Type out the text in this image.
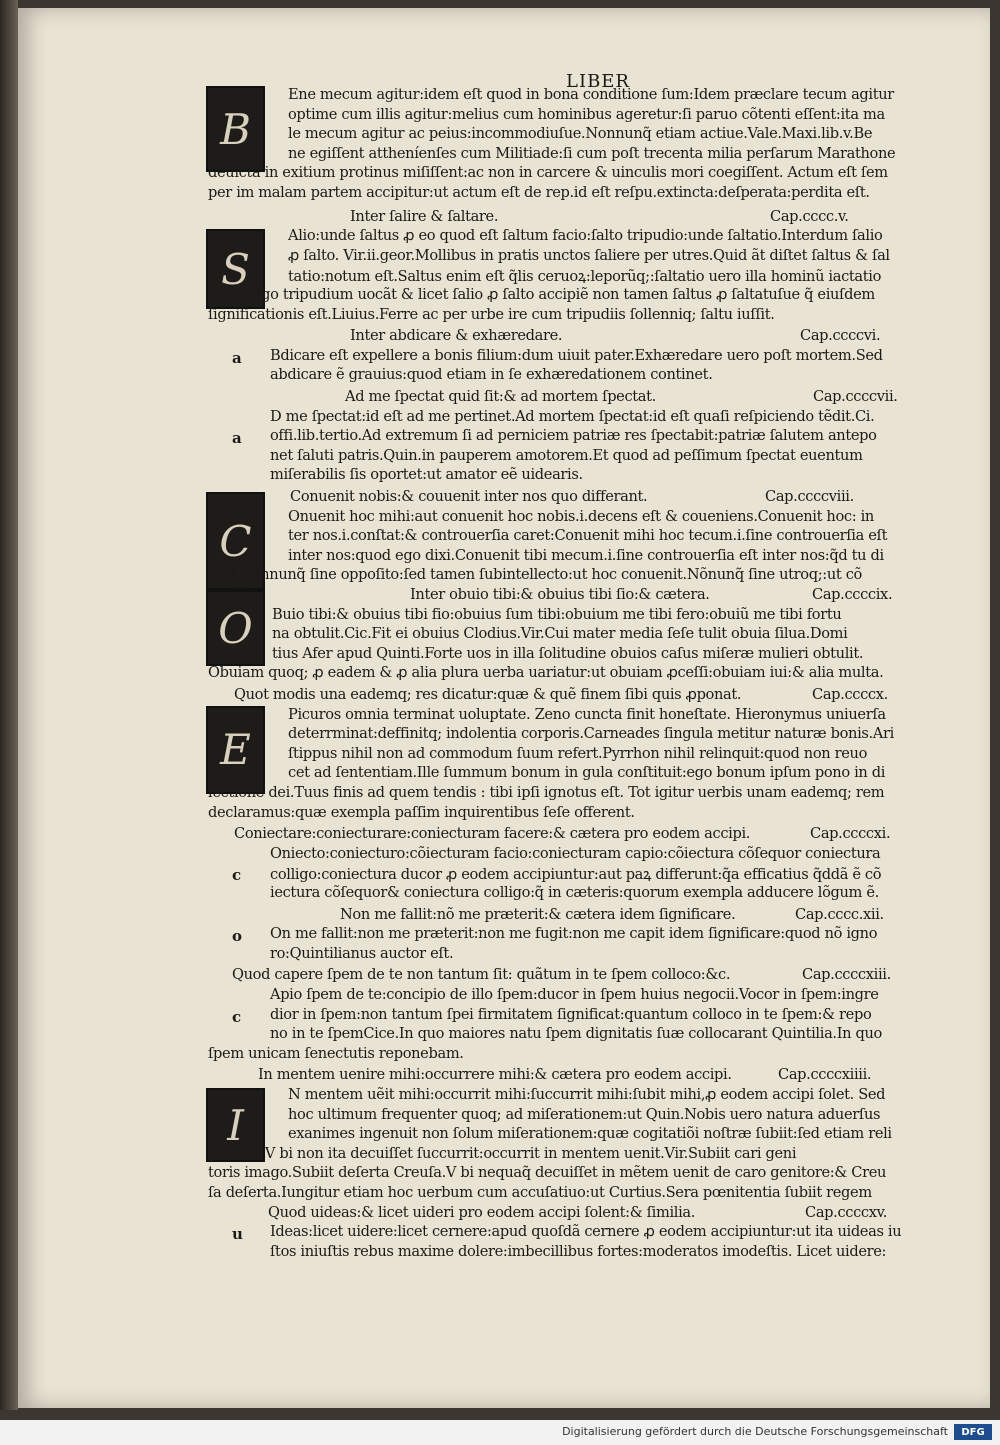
LIBER
B
Ene mecum agitur:idem eſt quod in bona conditione ſum:Idem præclare tecum agitur
optime cum illis agitur:melius cum hominibus ageretur:ſi paruo cõtenti eſſent:ita ma
le mecum agitur ac peius:incommodiuſue.Nonnunq̃ etiam actiue.Vale.Maxi.lib.v.Be
ne egiſſent attheníenſes cum Militiade:ſi cum poſt trecenta milia perſarum Marathone
deuicta in exitium protinus miſiſſent:ac non in carcere & uinculis mori coegiſſent. Actum eſt ſem
per im malam partem accipitur:ut actum eſt de rep.id eſt reſpu.extincta:deſperata:perdita eſt.
Inter ſalire & ſaltare.	Cap.cccc.v.
S
Alio:unde ſaltus ꝓ eo quod eſt ſaltum facio:ſalto tripudio:unde ſaltatio.Interdum ſalio
ꝓ ſalto. Vir.ii.geor.Mollibus in pratis unctos ſaliere per utres.Quid ãt diſtet ſaltus & ſal
tatio:notum eſt.Saltus enim eſt q̃lis ceruoꝝ:leporũq;:ſaltatio uero illa hominũ iactatio
quã uulgo tripudium uocãt & licet ſalio ꝓ ſalto accipiẽ non tamen ſaltus ꝓ ſaltatuſue q̃ eiuſdem
ſignificationis eſt.Liuius.Ferre ac per urbe ire cum tripudiis ſollenniq; ſaltu iuſſit.
Inter abdicare & exhæredare.	Cap.ccccvi.
a Bdicare eſt expellere a bonis filium:dum uiuit pater.Exhæredare uero poſt mortem.Sed
abdicare ẽ grauius:quod etiam in ſe exhæredationem continet.
Ad me ſpectat quid ſit:& ad mortem ſpectat.	Cap.ccccvii.
a
D me ſpectat:id eſt ad me pertinet.Ad mortem ſpectat:id eſt quaſi reſpiciendo tẽdit.Ci.
offi.lib.tertio.Ad extremum ſi ad perniciem patriæ res ſpectabit:patriæ ſalutem antepo
net ſaluti patris.Quin.in pauperem amotorem.Et quod ad peſſimum ſpectat euentum
miſerabilis ſis oportet:ut amator eẽ uidearis.
Conuenit nobis:& couuenit inter nos quo differant.	Cap.ccccviii.
C
Onuenit hoc mihi:aut conuenit hoc nobis.i.decens eſt & coueniens.Conuenit hoc: in
ter nos.i.conſtat:& controuerſia caret:Conuenit mihi hoc tecum.i.ſine controuerſia eſt
inter nos:quod ego dixi.Conuenit tibi mecum.i.ſine controuerſia eſt inter nos:q̃d tu di
xiſti.Nonnunq̃ ſine oppoſito:ſed tamen ſubintellecto:ut hoc conuenit.Nõnunq̃ ſine utroq;:ut cõ
Inter obuio tibi:& obuius tibi ſio:& cætera.	Cap.ccccix.
O Buio tibi:& obuius tibi fio:obuius ſum tibi:obuium me tibi fero:obuiũ me tibi fortu
na obtulit.Cic.Fit ei obuius Clodius.Vir.Cui mater media ſeſe tulit obuia ſilua.Domi
tius Afer apud Quinti.Forte uos in illa ſolitudine obuios caſus miſeræ mulieri obtulit.
Obuiam quoq; ꝓ eadem & ꝓ alia plura uerba uariatur:ut obuiam ꝓceſſi:obuiam iui:& alia multa.
Quot modis una eademq; res dicatur:quæ & quẽ finem ſibi quis ꝓponat.	Cap.ccccx.
E
Picuros omnia terminat uoluptate. Zeno cuncta finit honeſtate. Hieronymus uniuerſa
deterrminat:deffinitq; indolentia corporis.Carneades ſingula metitur naturæ bonis.Ari
ſtippus nihil non ad commodum ſuum refert.Pyrrhon nihil relinquit:quod non reuo
cet ad ſententiam.Ille ſummum bonum in gula conſtituit:ego bonum ipſum pono in di
lectione dei.Tuus finis ad quem tendis : tibi ipſi ignotus eſt. Tot igitur uerbis unam eademq; rem
declaramus:quæ exempla paſſim inquirentibus ſeſe offerent.
Coniectare:coniecturare:coniecturam facere:& cætera pro eodem accipi.	Cap.ccccxi.
c
Oniecto:coniecturo:cõiecturam facio:coniecturam capio:cõiectura cõſequor coniectura
colligo:coniectura ducor ꝓ eodem accipiuntur:aut paꝝ differunt:q̃a efficatius q̃ddã ẽ cõ
iectura cõſequor& coniectura colligo:q̃ in cæteris:quorum exempla adducere lõgum ẽ.
Non me fallit:nõ me præterit:& cætera idem ſignificare.	Cap.cccc.xii.
o On me fallit:non me præterit:non me fugit:non me capit idem ſignificare:quod nõ igno
ro:Quintilianus auctor eſt.
Quod capere ſpem de te non tantum ſit: quãtum in te ſpem colloco:&c.	Cap.ccccxiii.
c
Apio ſpem de te:concipio de illo ſpem:ducor in ſpem huius negocii.Vocor in ſpem:ingre
dior in ſpem:non tantum ſpei firmitatem ſignificat:quantum colloco in te ſpem:& repo
no in te ſpemCice.In quo maiores natu ſpem dignitatis ſuæ collocarant Quintilia.In quo
ſpem unicam ſenectutis reponebam.
In mentem uenire mihi:occurrere mihi:& cætera pro eodem accipi.	Cap.ccccxiiii.
I
N mentem uẽit mihi:occurrit mihi:ſuccurrit mihi:ſubit mihi,ꝓ eodem accipi ſolet. Sed
hoc ultimum frequenter quoq; ad miſerationem:ut Quin.Nobis uero natura aduerſus
exanimes ingenuit non ſolum miſerationem:quæ cogitatiõi noſtræ ſubiit:ſed etiam reli
gionem.V bi non ita decuiſſet ſuccurrit:occurrit in mentem uenit.Vir.Subiit cari geni
toris imago.Subiit deſerta Creuſa.V bi nequaq̃ decuiſſet in mẽtem uenit de caro genitore:& Creu
ſa deſerta.Iungitur etiam hoc uerbum cum accuſatiuo:ut Curtius.Sera pœnitentia ſubiit regem
Quod uideas:& licet uideri pro eodem accipi ſolent:& ſimilia.	Cap.ccccxv.
u Ideas:licet uidere:licet cernere:apud quoſdã cernere ꝓ eodem accipiuntur:ut ita uideas iu
ſtos iniuſtis rebus maxime dolere:imbecillibus fortes:moderatos imodeſtis. Licet uidere:
Digitalisierung gefördert durch die Deutsche Forschungsgemeinschaft	DFG
